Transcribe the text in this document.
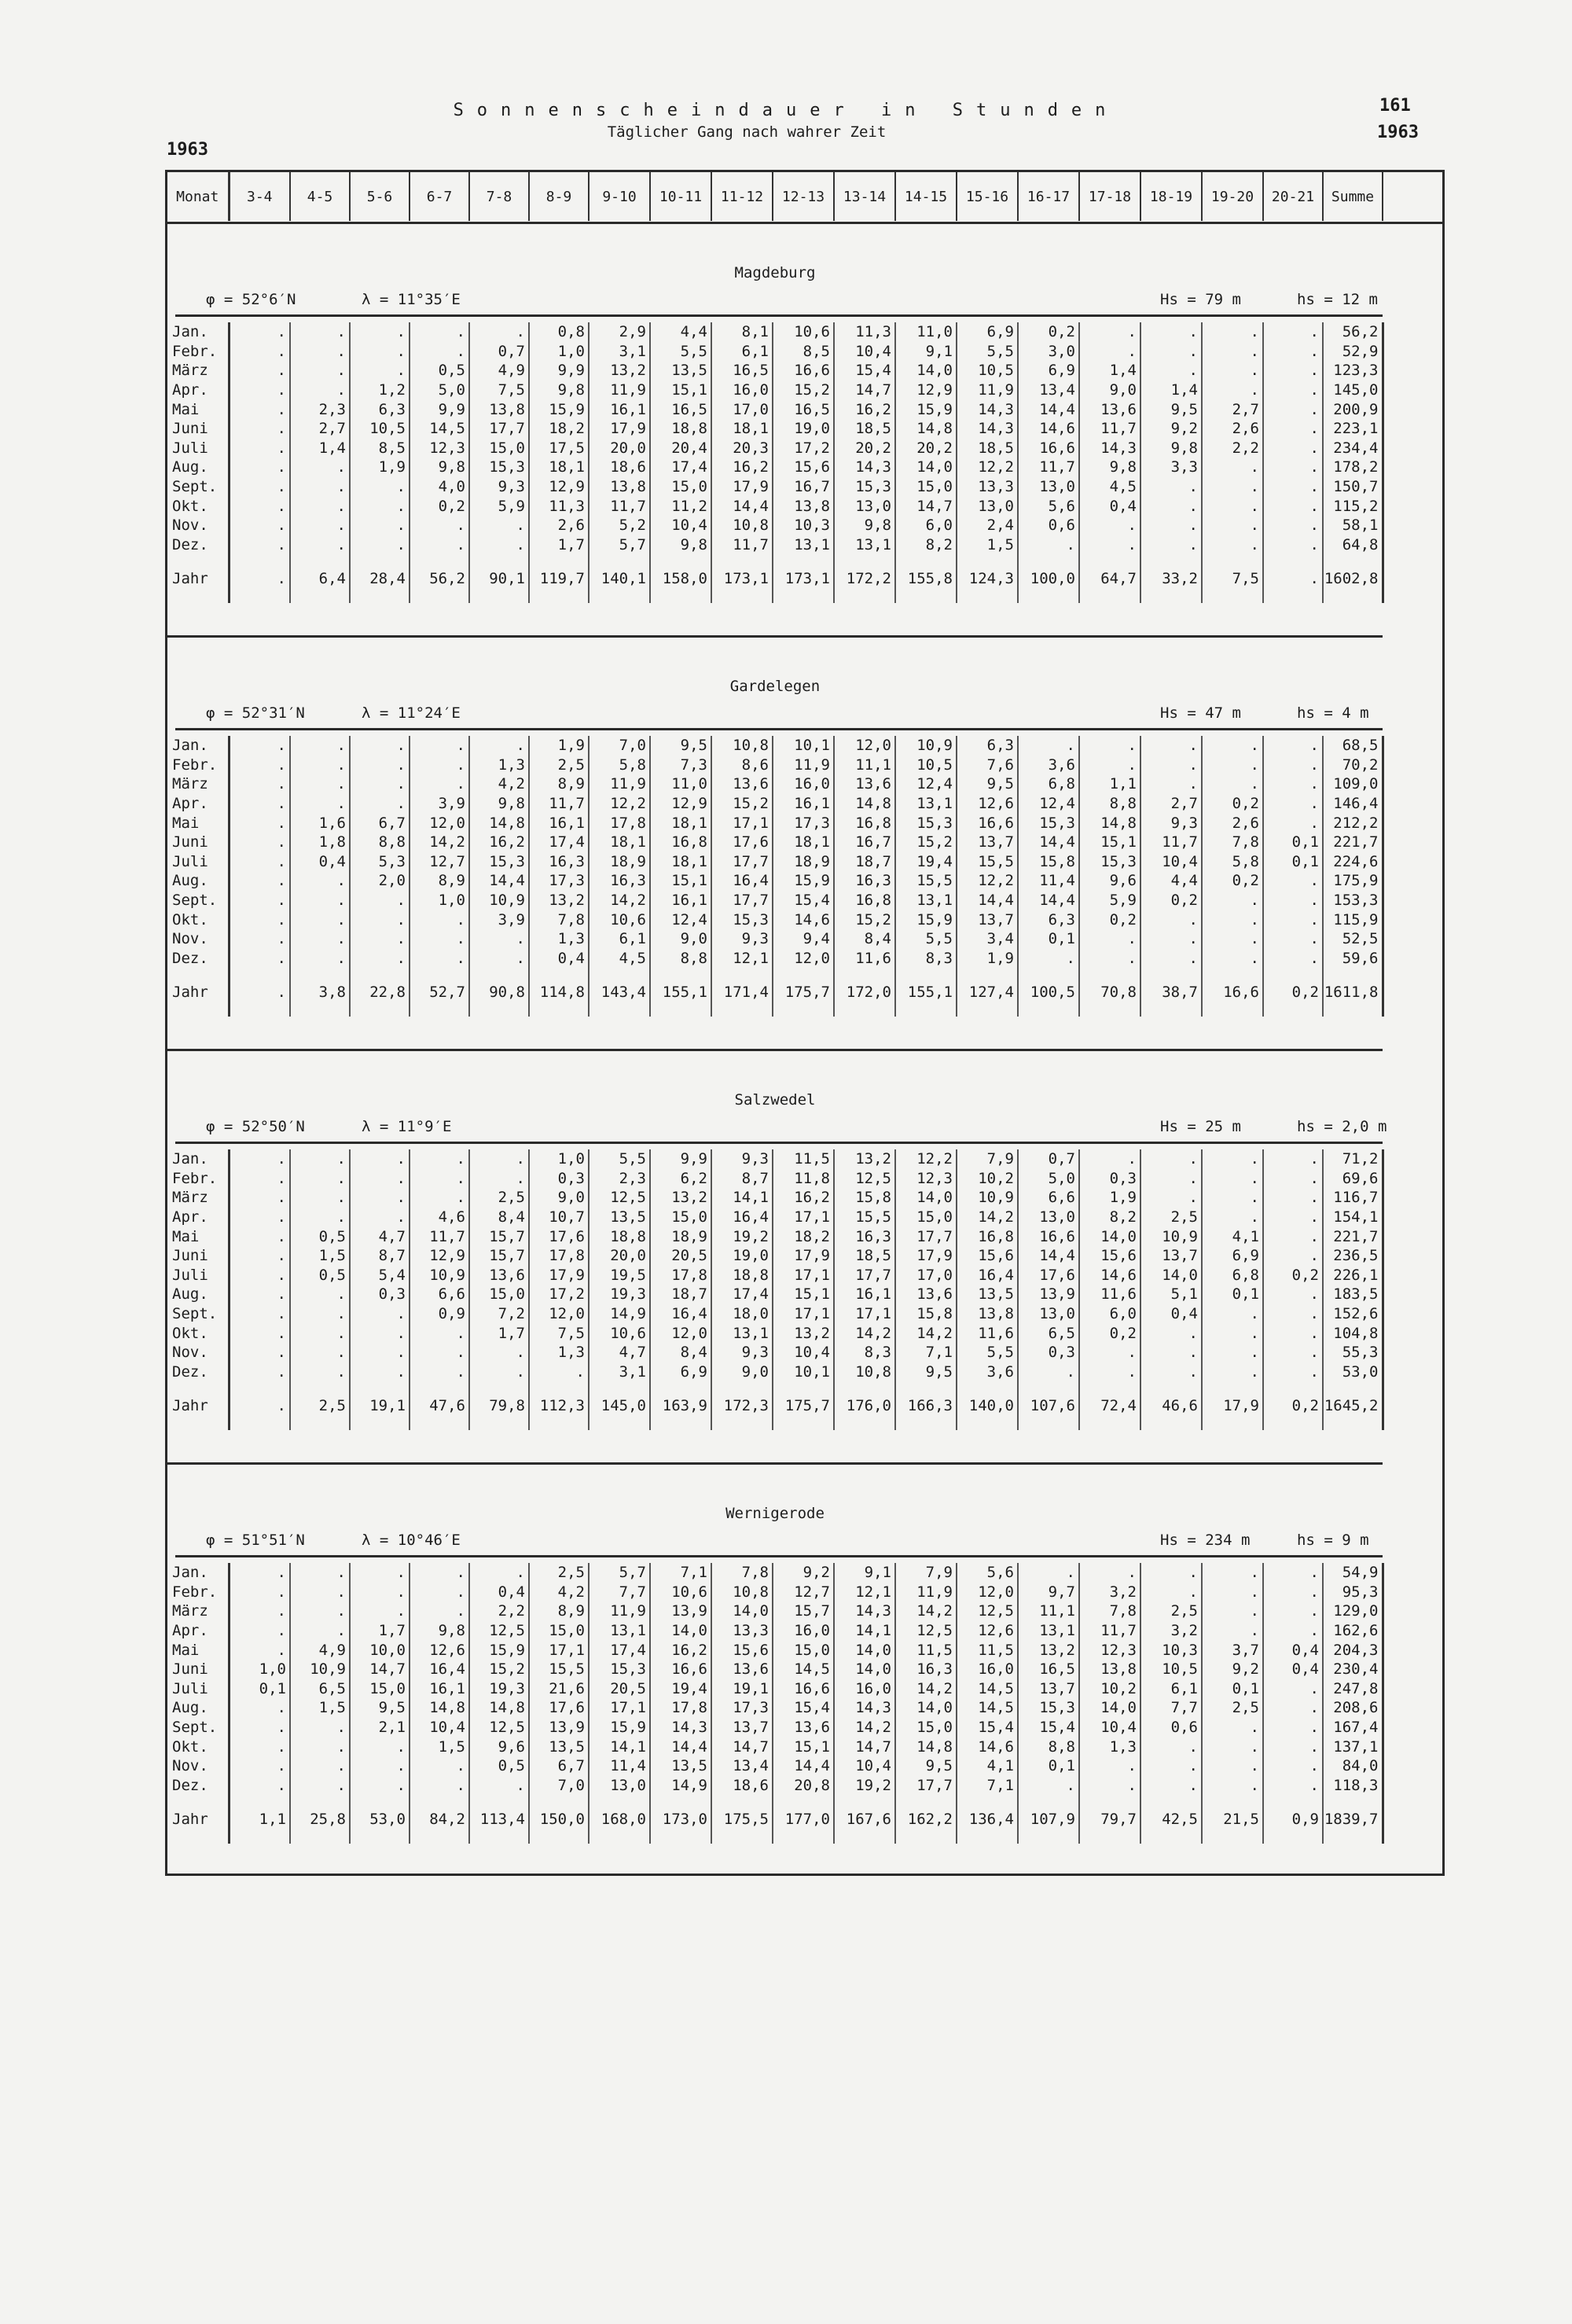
Sonnenscheindauer in Stunden
Täglicher Gang nach wahrer Zeit
1963
161
1963
Monat	3-4	4-5	5-6	6-7	7-8	8-9	9-10	10-11	11-12	12-13	13-14	14-15	15-16	16-17	17-18	18-19	19-20	20-21	Summe
Magdeburg
φ = 52°6′N	λ = 11°35′E	Hs = 79 m	hs = 12 m
Jan.	.	.	.	.	.	0,8	2,9	4,4	8,1	10,6	11,3	11,0	6,9	0,2	.	.	.	.	56,2
Febr.	.	.	.	.	0,7	1,0	3,1	5,5	6,1	8,5	10,4	9,1	5,5	3,0	.	.	.	.	52,9
März	.	.	.	0,5	4,9	9,9	13,2	13,5	16,5	16,6	15,4	14,0	10,5	6,9	1,4	.	.	.	123,3
Apr.	.	.	1,2	5,0	7,5	9,8	11,9	15,1	16,0	15,2	14,7	12,9	11,9	13,4	9,0	1,4	.	.	145,0
Mai	.	2,3	6,3	9,9	13,8	15,9	16,1	16,5	17,0	16,5	16,2	15,9	14,3	14,4	13,6	9,5	2,7	.	200,9
Juni	.	2,7	10,5	14,5	17,7	18,2	17,9	18,8	18,1	19,0	18,5	14,8	14,3	14,6	11,7	9,2	2,6	.	223,1
Juli	.	1,4	8,5	12,3	15,0	17,5	20,0	20,4	20,3	17,2	20,2	20,2	18,5	16,6	14,3	9,8	2,2	.	234,4
Aug.	.	.	1,9	9,8	15,3	18,1	18,6	17,4	16,2	15,6	14,3	14,0	12,2	11,7	9,8	3,3	.	.	178,2
Sept.	.	.	.	4,0	9,3	12,9	13,8	15,0	17,9	16,7	15,3	15,0	13,3	13,0	4,5	.	.	.	150,7
Okt.	.	.	.	0,2	5,9	11,3	11,7	11,2	14,4	13,8	13,0	14,7	13,0	5,6	0,4	.	.	.	115,2
Nov.	.	.	.	.	.	2,6	5,2	10,4	10,8	10,3	9,8	6,0	2,4	0,6	.	.	.	.	58,1
Dez.	.	.	.	.	.	1,7	5,7	9,8	11,7	13,1	13,1	8,2	1,5	.	.	.	.	.	64,8
Jahr	.	6,4	28,4	56,2	90,1	119,7	140,1	158,0	173,1	173,1	172,2	155,8	124,3	100,0	64,7	33,2	7,5	.	1602,8
Gardelegen
φ = 52°31′N	λ = 11°24′E	Hs = 47 m	hs = 4 m
Jan.	.	.	.	.	.	1,9	7,0	9,5	10,8	10,1	12,0	10,9	6,3	.	.	.	.	.	68,5
Febr.	.	.	.	.	1,3	2,5	5,8	7,3	8,6	11,9	11,1	10,5	7,6	3,6	.	.	.	.	70,2
März	.	.	.	.	4,2	8,9	11,9	11,0	13,6	16,0	13,6	12,4	9,5	6,8	1,1	.	.	.	109,0
Apr.	.	.	.	3,9	9,8	11,7	12,2	12,9	15,2	16,1	14,8	13,1	12,6	12,4	8,8	2,7	0,2	.	146,4
Mai	.	1,6	6,7	12,0	14,8	16,1	17,8	18,1	17,1	17,3	16,8	15,3	16,6	15,3	14,8	9,3	2,6	.	212,2
Juni	.	1,8	8,8	14,2	16,2	17,4	18,1	16,8	17,6	18,1	16,7	15,2	13,7	14,4	15,1	11,7	7,8	0,1	221,7
Juli	.	0,4	5,3	12,7	15,3	16,3	18,9	18,1	17,7	18,9	18,7	19,4	15,5	15,8	15,3	10,4	5,8	0,1	224,6
Aug.	.	.	2,0	8,9	14,4	17,3	16,3	15,1	16,4	15,9	16,3	15,5	12,2	11,4	9,6	4,4	0,2	.	175,9
Sept.	.	.	.	1,0	10,9	13,2	14,2	16,1	17,7	15,4	16,8	13,1	14,4	14,4	5,9	0,2	.	.	153,3
Okt.	.	.	.	.	3,9	7,8	10,6	12,4	15,3	14,6	15,2	15,9	13,7	6,3	0,2	.	.	.	115,9
Nov.	.	.	.	.	.	1,3	6,1	9,0	9,3	9,4	8,4	5,5	3,4	0,1	.	.	.	.	52,5
Dez.	.	.	.	.	.	0,4	4,5	8,8	12,1	12,0	11,6	8,3	1,9	.	.	.	.	.	59,6
Jahr	.	3,8	22,8	52,7	90,8	114,8	143,4	155,1	171,4	175,7	172,0	155,1	127,4	100,5	70,8	38,7	16,6	0,2	1611,8
Salzwedel
φ = 52°50′N	λ = 11°9′E	Hs = 25 m	hs = 2,0 m
Jan.	.	.	.	.	.	1,0	5,5	9,9	9,3	11,5	13,2	12,2	7,9	0,7	.	.	.	.	71,2
Febr.	.	.	.	.	.	0,3	2,3	6,2	8,7	11,8	12,5	12,3	10,2	5,0	0,3	.	.	.	69,6
März	.	.	.	.	2,5	9,0	12,5	13,2	14,1	16,2	15,8	14,0	10,9	6,6	1,9	.	.	.	116,7
Apr.	.	.	.	4,6	8,4	10,7	13,5	15,0	16,4	17,1	15,5	15,0	14,2	13,0	8,2	2,5	.	.	154,1
Mai	.	0,5	4,7	11,7	15,7	17,6	18,8	18,9	19,2	18,2	16,3	17,7	16,8	16,6	14,0	10,9	4,1	.	221,7
Juni	.	1,5	8,7	12,9	15,7	17,8	20,0	20,5	19,0	17,9	18,5	17,9	15,6	14,4	15,6	13,7	6,9	.	236,5
Juli	.	0,5	5,4	10,9	13,6	17,9	19,5	17,8	18,8	17,1	17,7	17,0	16,4	17,6	14,6	14,0	6,8	0,2	226,1
Aug.	.	.	0,3	6,6	15,0	17,2	19,3	18,7	17,4	15,1	16,1	13,6	13,5	13,9	11,6	5,1	0,1	.	183,5
Sept.	.	.	.	0,9	7,2	12,0	14,9	16,4	18,0	17,1	17,1	15,8	13,8	13,0	6,0	0,4	.	.	152,6
Okt.	.	.	.	.	1,7	7,5	10,6	12,0	13,1	13,2	14,2	14,2	11,6	6,5	0,2	.	.	.	104,8
Nov.	.	.	.	.	.	1,3	4,7	8,4	9,3	10,4	8,3	7,1	5,5	0,3	.	.	.	.	55,3
Dez.	.	.	.	.	.	.	3,1	6,9	9,0	10,1	10,8	9,5	3,6	.	.	.	.	.	53,0
Jahr	.	2,5	19,1	47,6	79,8	112,3	145,0	163,9	172,3	175,7	176,0	166,3	140,0	107,6	72,4	46,6	17,9	0,2	1645,2
Wernigerode
φ = 51°51′N	λ = 10°46′E	Hs = 234 m	hs = 9 m
Jan.	.	.	.	.	.	2,5	5,7	7,1	7,8	9,2	9,1	7,9	5,6	.	.	.	.	.	54,9
Febr.	.	.	.	.	0,4	4,2	7,7	10,6	10,8	12,7	12,1	11,9	12,0	9,7	3,2	.	.	.	95,3
März	.	.	.	.	2,2	8,9	11,9	13,9	14,0	15,7	14,3	14,2	12,5	11,1	7,8	2,5	.	.	129,0
Apr.	.	.	1,7	9,8	12,5	15,0	13,1	14,0	13,3	16,0	14,1	12,5	12,6	13,1	11,7	3,2	.	.	162,6
Mai	.	4,9	10,0	12,6	15,9	17,1	17,4	16,2	15,6	15,0	14,0	11,5	11,5	13,2	12,3	10,3	3,7	0,4	204,3
Juni	1,0	10,9	14,7	16,4	15,2	15,5	15,3	16,6	13,6	14,5	14,0	16,3	16,0	16,5	13,8	10,5	9,2	0,4	230,4
Juli	0,1	6,5	15,0	16,1	19,3	21,6	20,5	19,4	19,1	16,6	16,0	14,2	14,5	13,7	10,2	6,1	0,1	.	247,8
Aug.	.	1,5	9,5	14,8	14,8	17,6	17,1	17,8	17,3	15,4	14,3	14,0	14,5	15,3	14,0	7,7	2,5	.	208,6
Sept.	.	.	2,1	10,4	12,5	13,9	15,9	14,3	13,7	13,6	14,2	15,0	15,4	15,4	10,4	0,6	.	.	167,4
Okt.	.	.	.	1,5	9,6	13,5	14,1	14,4	14,7	15,1	14,7	14,8	14,6	8,8	1,3	.	.	.	137,1
Nov.	.	.	.	.	0,5	6,7	11,4	13,5	13,4	14,4	10,4	9,5	4,1	0,1	.	.	.	.	84,0
Dez.	.	.	.	.	.	7,0	13,0	14,9	18,6	20,8	19,2	17,7	7,1	.	.	.	.	.	118,3
Jahr	1,1	25,8	53,0	84,2	113,4	150,0	168,0	173,0	175,5	177,0	167,6	162,2	136,4	107,9	79,7	42,5	21,5	0,9	1839,7
